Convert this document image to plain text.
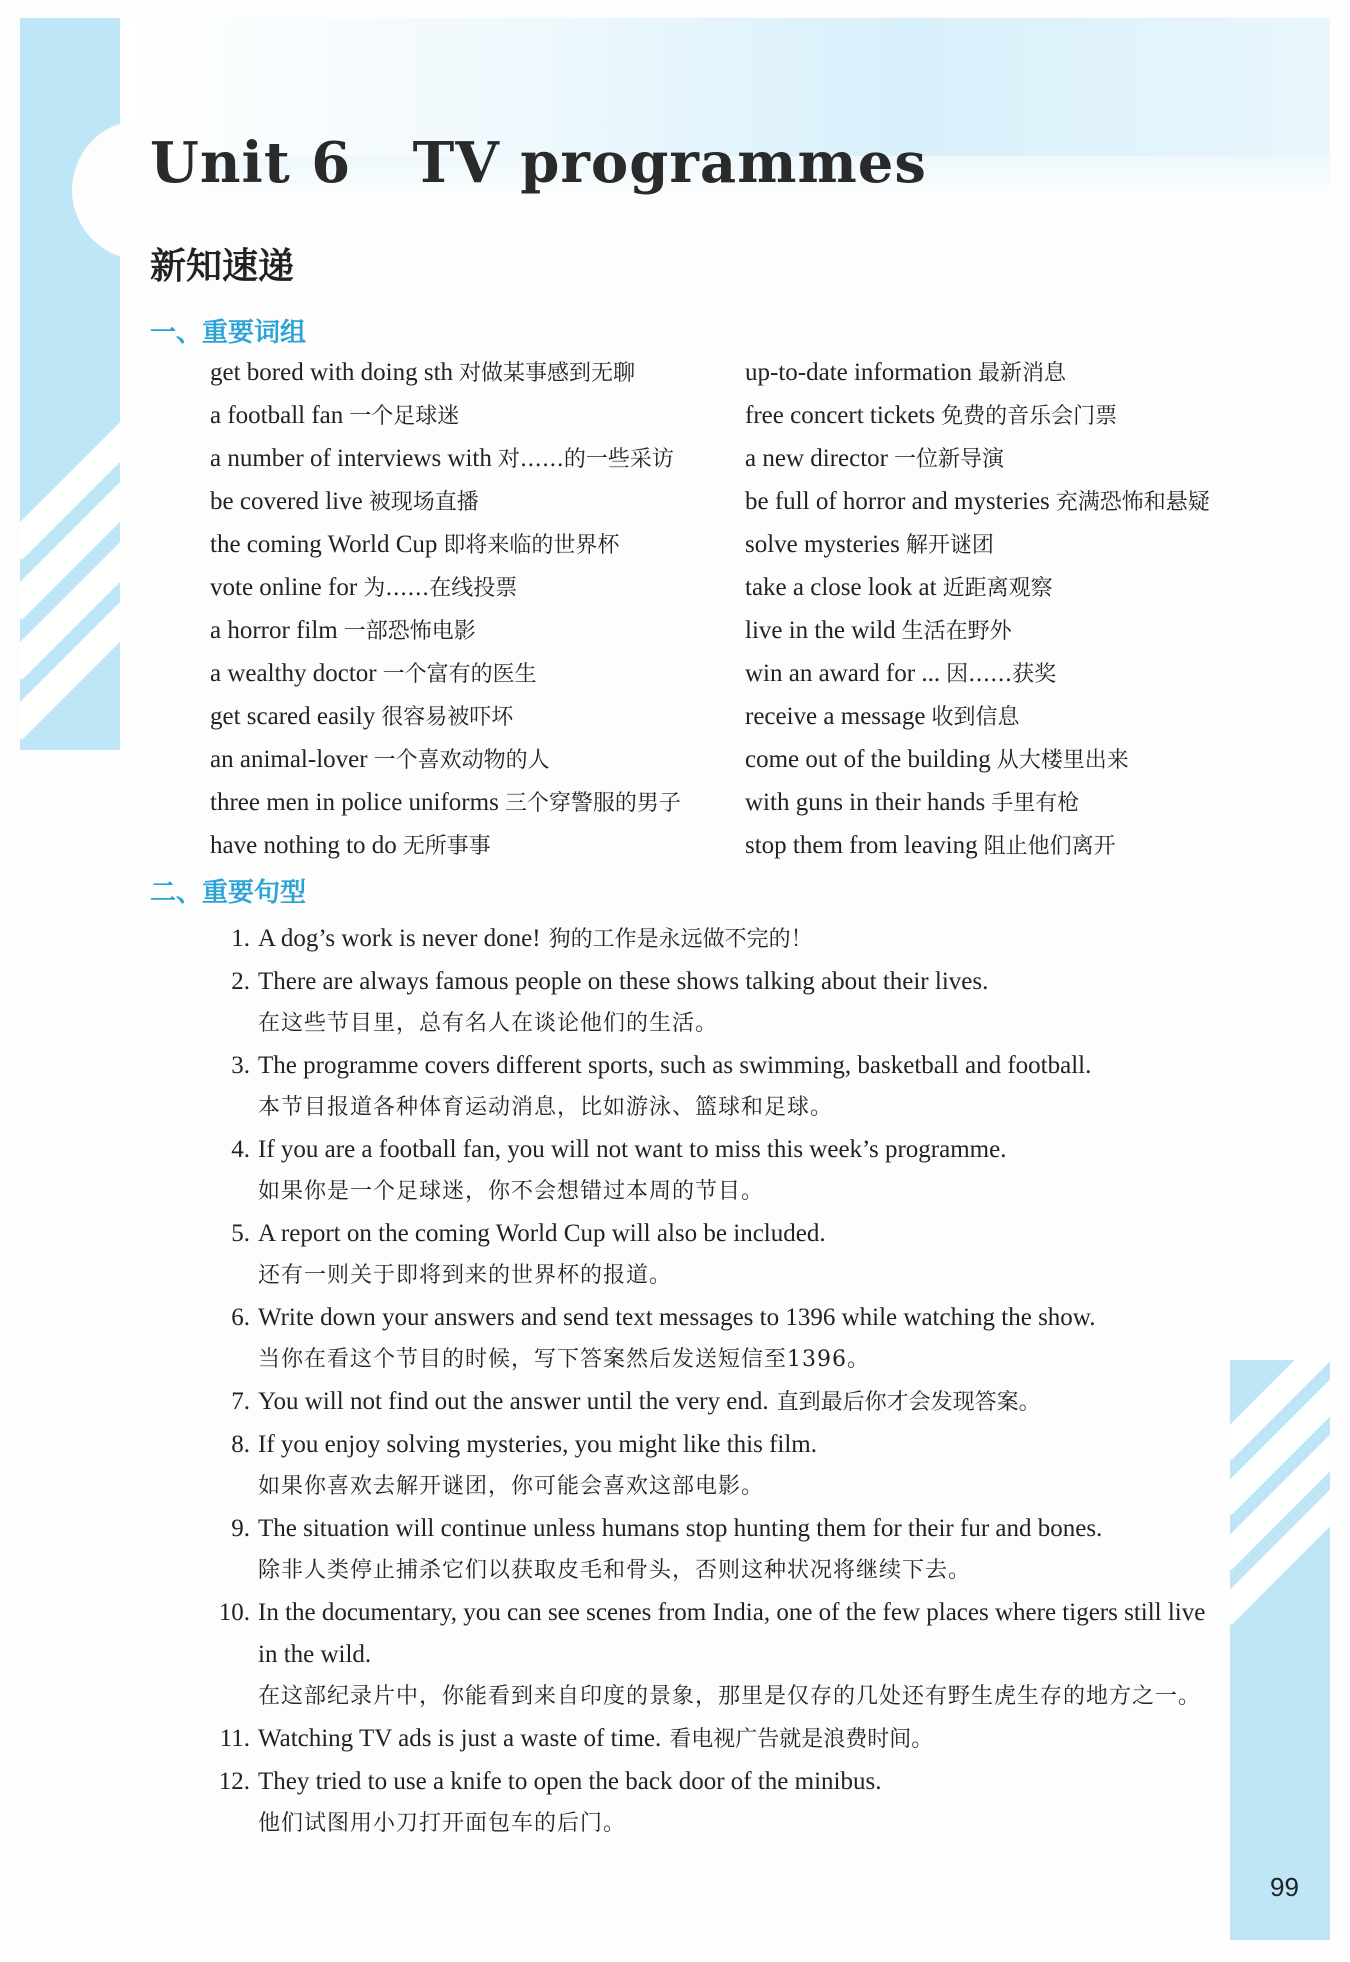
Unit 6   TV programmes
新知速递
一、重要词组
get bored with doing sth 对做某事感到无聊
a football fan 一个足球迷
a number of interviews with 对……的一些采访
be covered live 被现场直播
the coming World Cup 即将来临的世界杯
vote online for 为……在线投票
a horror film 一部恐怖电影
a wealthy doctor 一个富有的医生
get scared easily 很容易被吓坏
an animal-lover 一个喜欢动物的人
three men in police uniforms 三个穿警服的男子
have nothing to do 无所事事
up-to-date information 最新消息
free concert tickets 免费的音乐会门票
a new director 一位新导演
be full of horror and mysteries 充满恐怖和悬疑
solve mysteries 解开谜团
take a close look at 近距离观察
live in the wild 生活在野外
win an award for ... 因……获奖
receive a message 收到信息
come out of the building 从大楼里出来
with guns in their hands 手里有枪
stop them from leaving 阻止他们离开
二、重要句型
1. A dog’s work is never done! 狗的工作是永远做不完的！
2. There are always famous people on these shows talking about their lives.
在这些节目里，总有名人在谈论他们的生活。
3. The programme covers different sports, such as swimming, basketball and football.
本节目报道各种体育运动消息，比如游泳、篮球和足球。
4. If you are a football fan, you will not want to miss this week’s programme.
如果你是一个足球迷，你不会想错过本周的节目。
5. A report on the coming World Cup will also be included.
还有一则关于即将到来的世界杯的报道。
6. Write down your answers and send text messages to 1396 while watching the show.
当你在看这个节目的时候，写下答案然后发送短信至1396。
7. You will not find out the answer until the very end. 直到最后你才会发现答案。
8. If you enjoy solving mysteries, you might like this film.
如果你喜欢去解开谜团，你可能会喜欢这部电影。
9. The situation will continue unless humans stop hunting them for their fur and bones.
除非人类停止捕杀它们以获取皮毛和骨头，否则这种状况将继续下去。
10. In the documentary, you can see scenes from India, one of the few places where tigers still live in the wild.
在这部纪录片中，你能看到来自印度的景象，那里是仅存的几处还有野生虎生存的地方之一。
11. Watching TV ads is just a waste of time. 看电视广告就是浪费时间。
12. They tried to use a knife to open the back door of the minibus.
他们试图用小刀打开面包车的后门。
99
